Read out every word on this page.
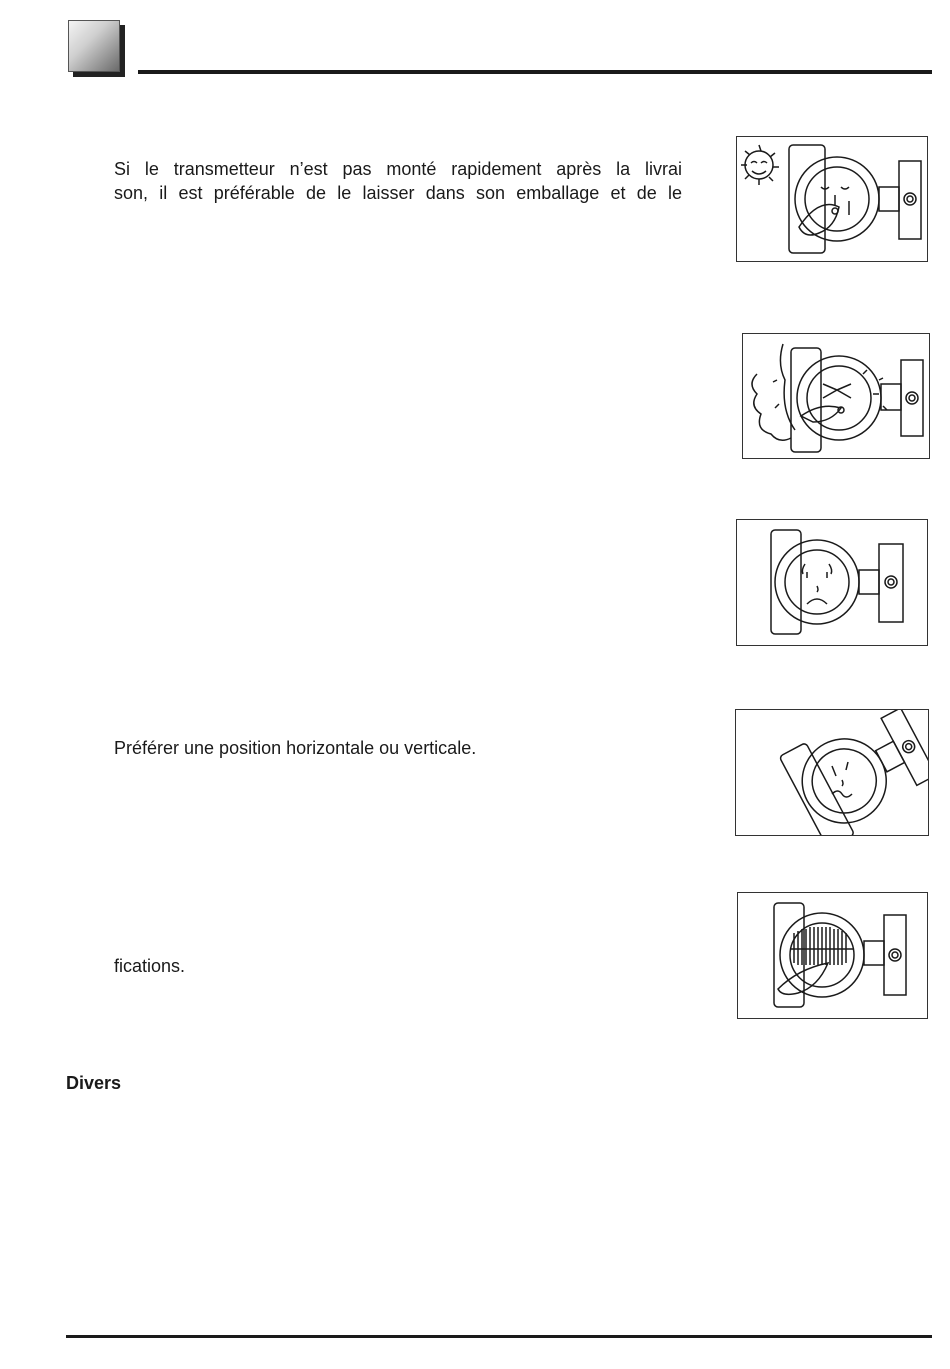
Si le transmetteur n’est pas monté rapidement après la livrai
son, il est préférable de le laisser dans son emballage et de le
Préférer une position horizontale ou verticale.
fications.
Divers
